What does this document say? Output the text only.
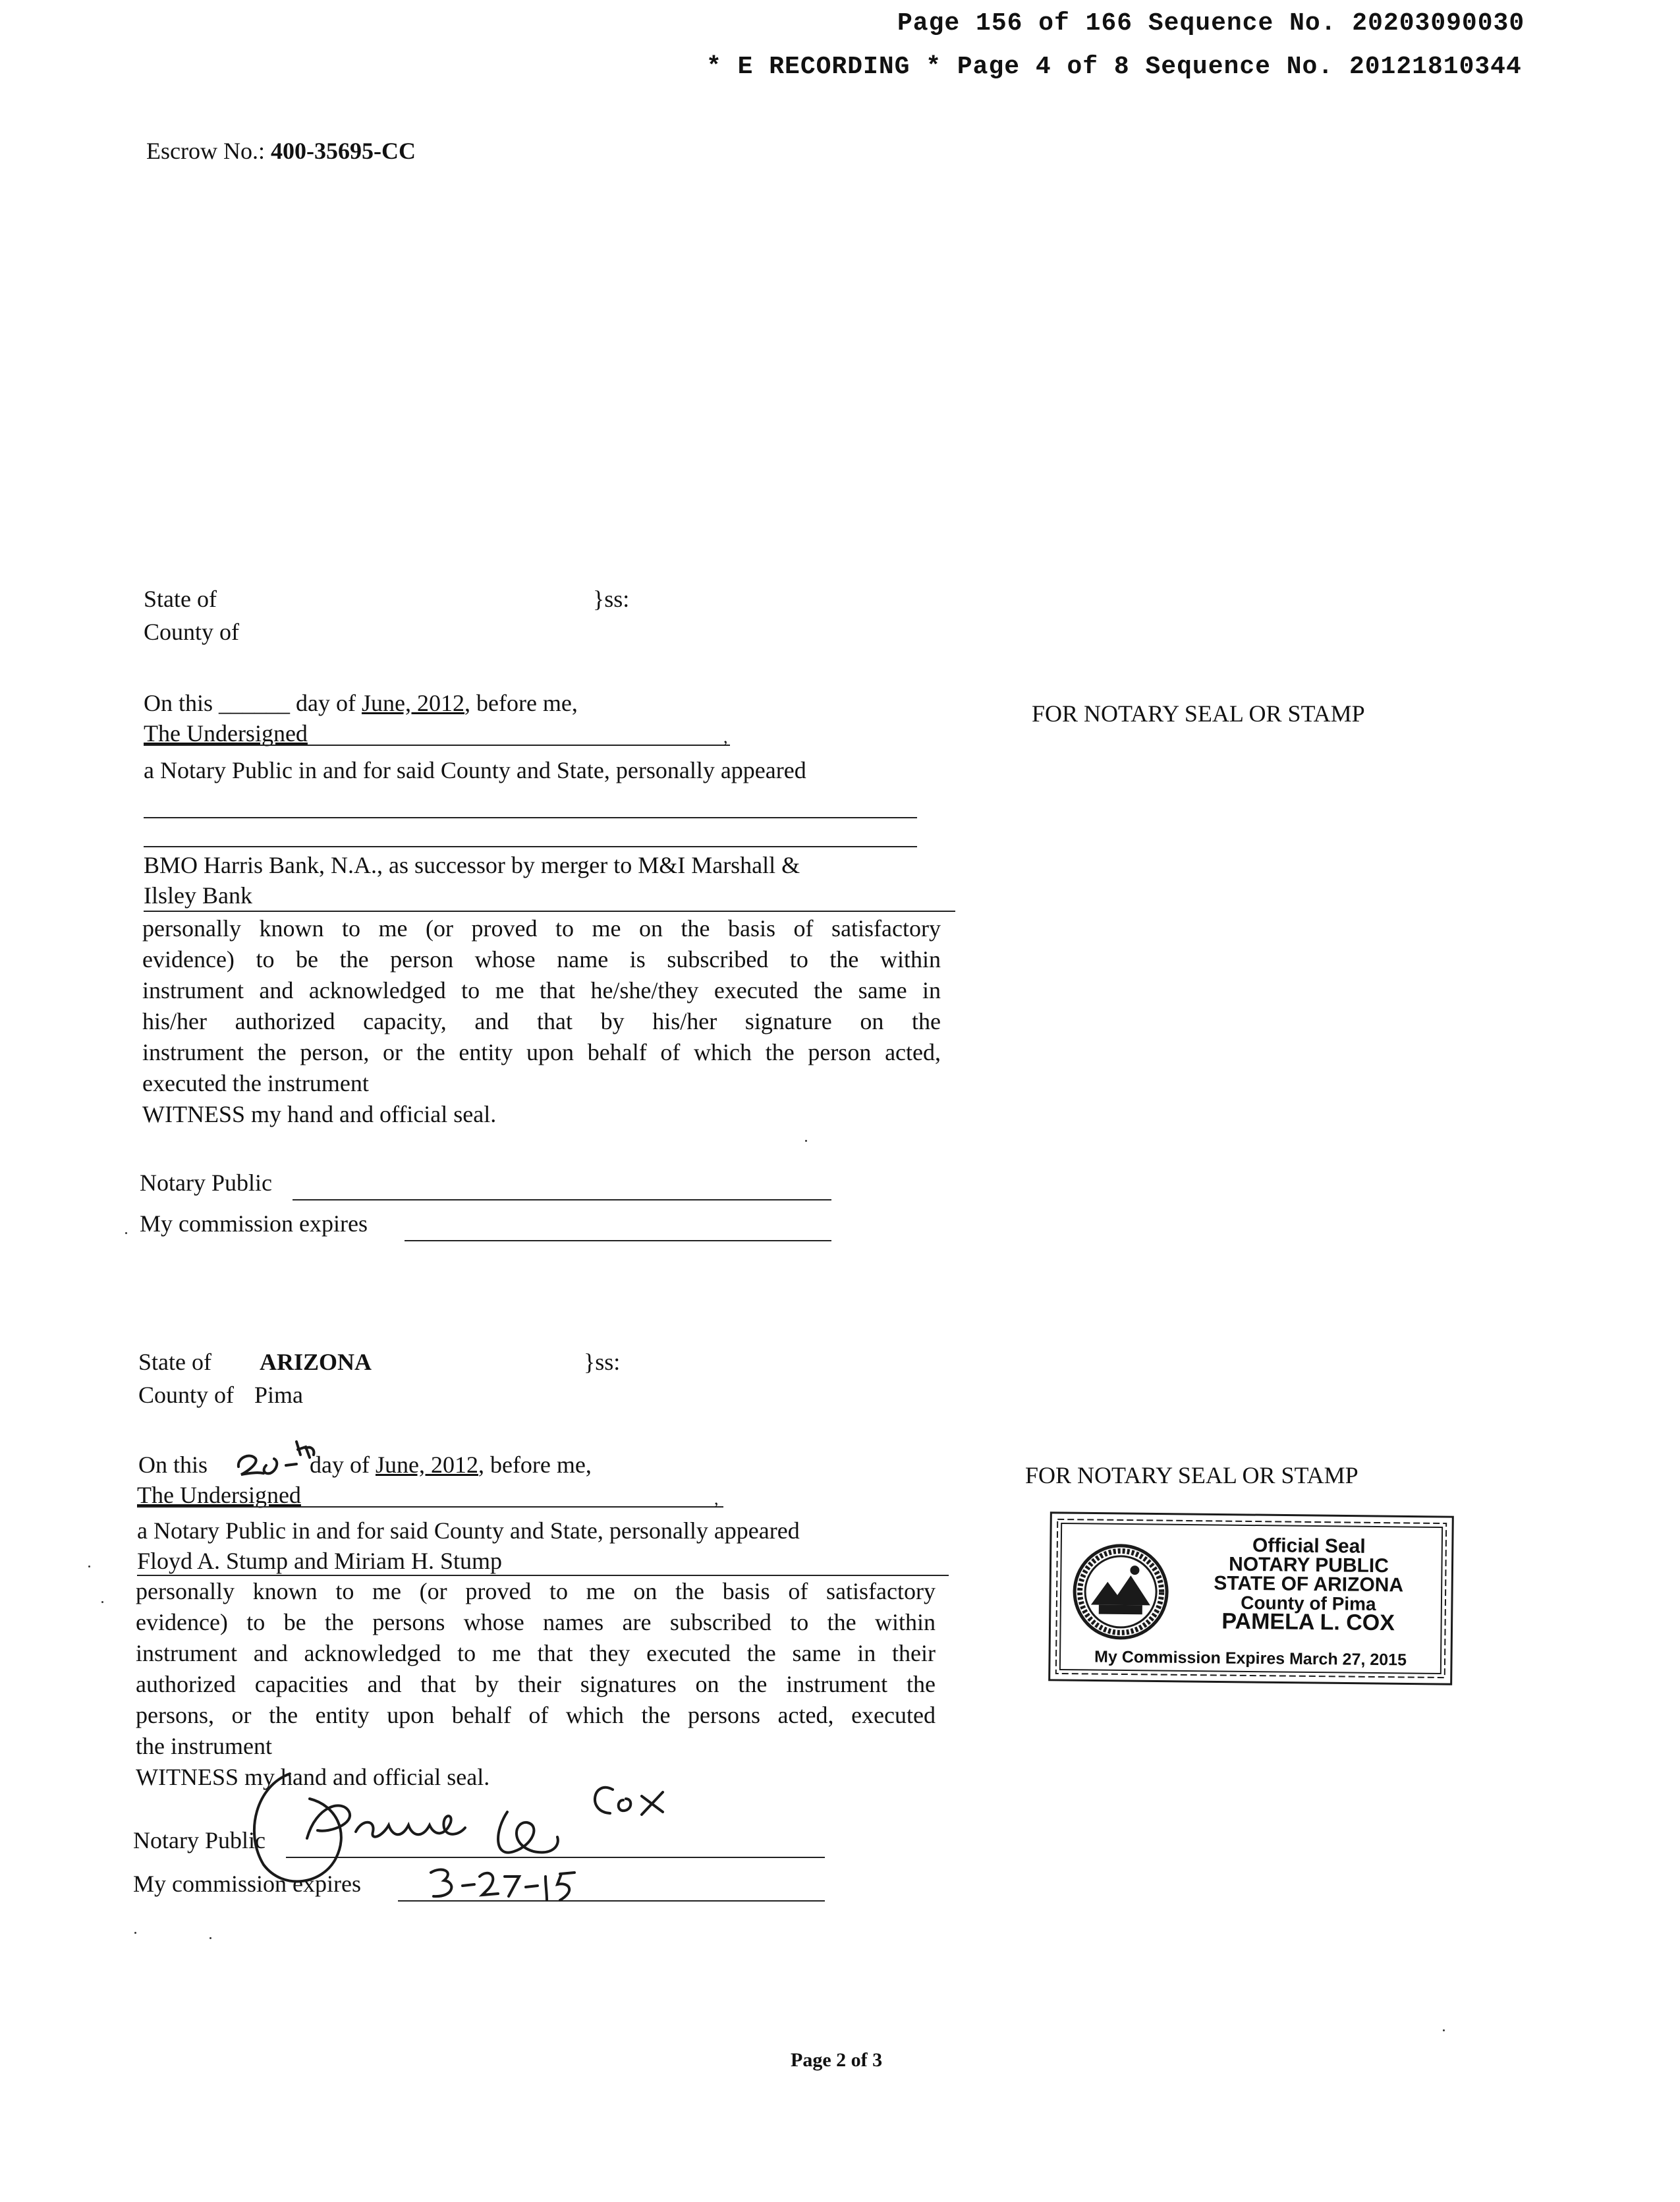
Page 156 of 166 Sequence No. 20203090030
* E RECORDING * Page 4 of 8 Sequence No. 20121810344
Escrow No.: 400-35695-CC
State of	}ss:
County of
On this ______ day of June, 2012, before me,
The Undersigned	,
a Notary Public in and for said County and State, personally appeared
BMO Harris Bank, N.A., as successor by merger to M&I Marshall &
Ilsley Bank
personally known to me (or proved to me on the basis of satisfactory
evidence) to be the person whose name is subscribed to the within
instrument and acknowledged to me that he/she/they executed the same in
his/her authorized capacity, and that by his/her signature on the
instrument the person, or the entity upon behalf of which the person acted,
executed the instrument
WITNESS my hand and official seal.
Notary Public
My commission expires
FOR NOTARY SEAL OR STAMP
State of ARIZONA	}ss:
County of Pima
On this	day of June, 2012, before me,
The Undersigned	,
a Notary Public in and for said County and State, personally appeared
Floyd A. Stump and Miriam H. Stump
personally known to me (or proved to me on the basis of satisfactory
evidence) to be the persons whose names are subscribed to the within
instrument and acknowledged to me that they executed the same in their
authorized capacities and that by their signatures on the instrument the
persons, or the entity upon behalf of which the persons acted, executed
the instrument
WITNESS my hand and official seal.
Notary Public
My commission expires
FOR NOTARY SEAL OR STAMP
Official Seal
NOTARY PUBLIC
STATE OF ARIZONA
County of Pima
PAMELA L. COX
My Commission Expires March 27, 2015
Page 2 of 3
